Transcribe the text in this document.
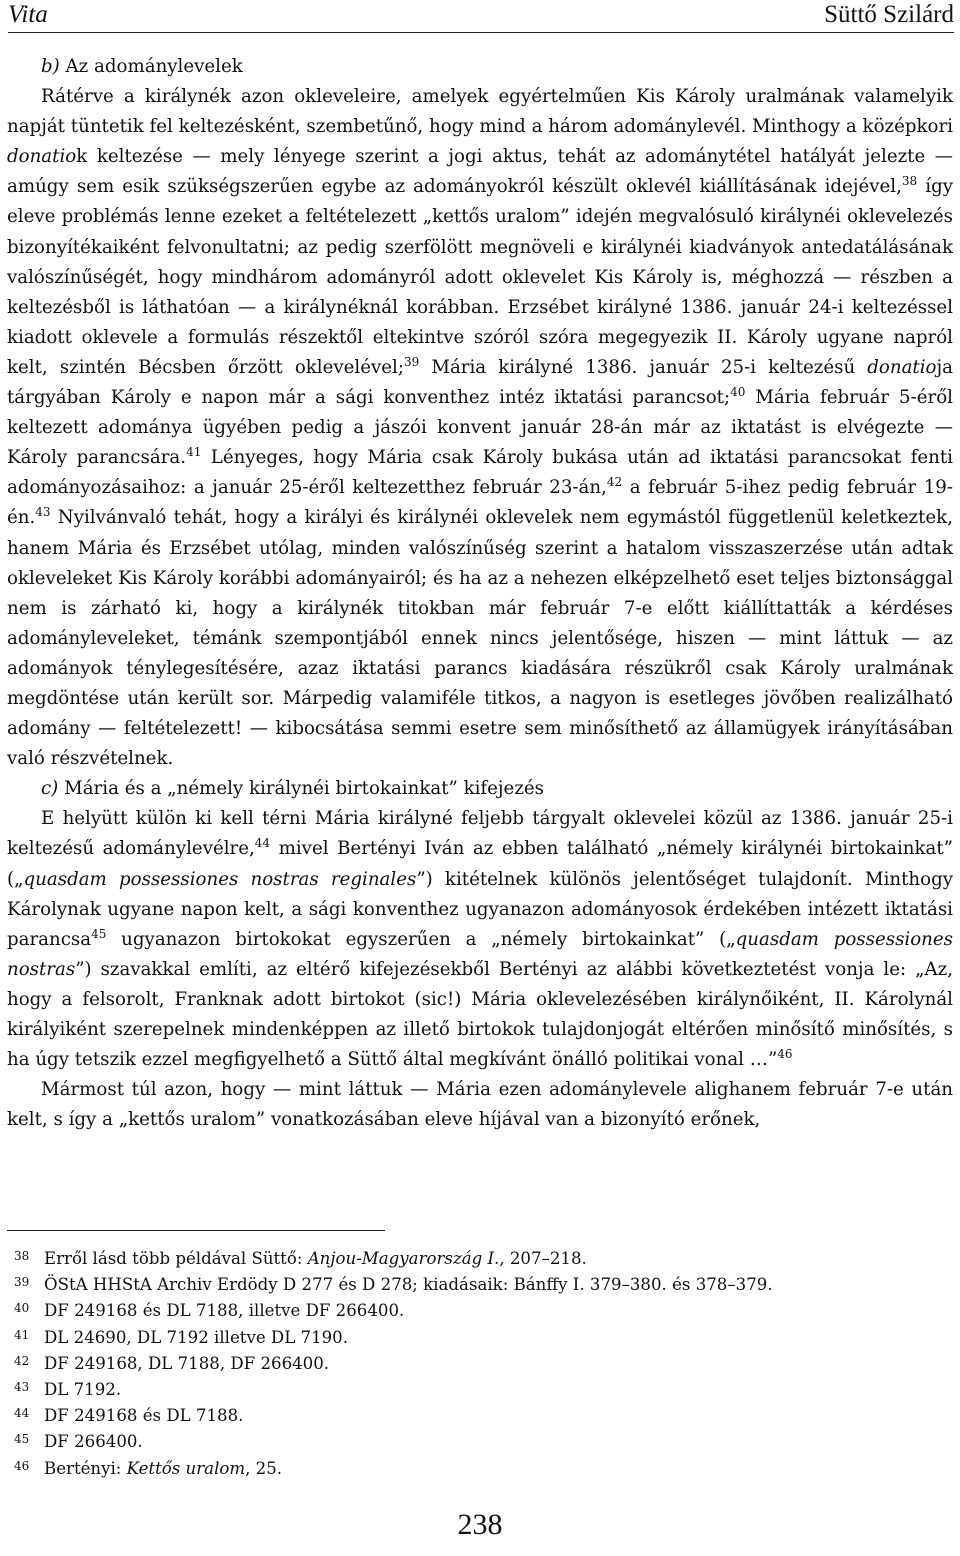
Vita	Süttő Szilárd

b) Az adománylevelek

Rátérve a királynék azon okleveleire, amelyek egyértelműen Kis Károly uralmának valamelyik napját tüntetik fel keltezésként, szembetűnő, hogy mind a három adománylevél. Minthogy a középkori donatiok keltezése — mely lényege szerint a jogi aktus, tehát az adománytétel hatályát jelezte — amúgy sem esik szükségszerűen egybe az adományokról készült oklevél kiállításának idejével,$^{38}$ így eleve problémás lenne ezeket a feltételezett „kettős uralom” idején megvalósuló királynéi oklevelezés bizonyítékaiként felvonultatni; az pedig szerfölött megnöveli e királynéi kiadványok antedatálásának valószínűségét, hogy mindhárom adományról adott oklevelet Kis Károly is, méghozzá — részben a keltezésből is láthatóan — a királynéknál korábban. Erzsébet királyné 1386. január 24-i keltezéssel kiadott oklevele a formulás részektől eltekintve szóról szóra megegyezik II. Károly ugyane napról kelt, szintén Bécsben őrzött oklevelével;$^{39}$ Mária királyné 1386. január 25-i keltezésű donatioja tárgyában Károly e napon már a sági konventhez intéz iktatási parancsot;$^{40}$ Mária február 5-éről keltezett adománya ügyében pedig a jászói konvent január 28-án már az iktatást is elvégezte — Károly parancsára.$^{41}$ Lényeges, hogy Mária csak Károly bukása után ad iktatási parancsokat fenti adományozásaihoz: a január 25-éről keltezetthez február 23-án,$^{42}$ a február 5-ihez pedig február 19-én.$^{43}$ Nyilvánvaló tehát, hogy a királyi és királynéi oklevelek nem egymástól függetlenül keletkeztek, hanem Mária és Erzsébet utólag, minden valószínűség szerint a hatalom visszaszerzése után adtak okleveleket Kis Károly korábbi adományairól; és ha az a nehezen elképzelhető eset teljes biztonsággal nem is zárható ki, hogy a királynék titokban már február 7-e előtt kiállíttatták a kérdéses adományleveleket, témánk szempontjából ennek nincs jelentősége, hiszen — mint láttuk — az adományok ténylegesítésére, azaz iktatási parancs kiadására részükről csak Károly uralmának megdöntése után került sor. Márpedig valamiféle titkos, a nagyon is esetleges jövőben realizálható adomány — feltételezett! — kibocsátása semmi esetre sem minősíthető az államügyek irányításában való részvételnek.

c) Mária és a „némely királynéi birtokainkat” kifejezés

E helyütt külön ki kell térni Mária királyné feljebb tárgyalt oklevelei közül az 1386. január 25-i keltezésű adománylevélre,$^{44}$ mivel Bertényi Iván az ebben található „némely királynéi birtokainkat” („quasdam possessiones nostras reginales”) kitételnek különös jelentőséget tulajdonít. Minthogy Károlynak ugyane napon kelt, a sági konventhez ugyanazon adományosok érdekében intézett iktatási parancsa$^{45}$ ugyanazon birtokokat egyszerűen a „némely birtokainkat” („quasdam possessiones nostras”) szavakkal említi, az eltérő kifejezésekből Bertényi az alábbi következtetést vonja le: „Az, hogy a felsorolt, Franknak adott birtokot (sic!) Mária oklevelezésében királynőiként, II. Károlynál királyiként szerepelnek mindenképpen az illető birtokok tulajdonjogát eltérően minősítő minősítés, s ha úgy tetszik ezzel megfigyelhető a Süttő által megkívánt önálló politikai vonal …”$^{46}$

Mármost túl azon, hogy — mint láttuk — Mária ezen adománylevele alighanem február 7-e után kelt, s így a „kettős uralom” vonatkozásában eleve híjával van a bizonyító erőnek,

38 Erről lásd több példával Süttő: Anjou-Magyarország I., 207–218.
39 ÖStA HHStA Archiv Erdödy D 277 és D 278; kiadásaik: Bánffy I. 379–380. és 378–379.
40 DF 249168 és DL 7188, illetve DF 266400.
41 DL 24690, DL 7192 illetve DL 7190.
42 DF 249168, DL 7188, DF 266400.
43 DL 7192.
44 DF 249168 és DL 7188.
45 DF 266400.
46 Bertényi: Kettős uralom, 25.
238
